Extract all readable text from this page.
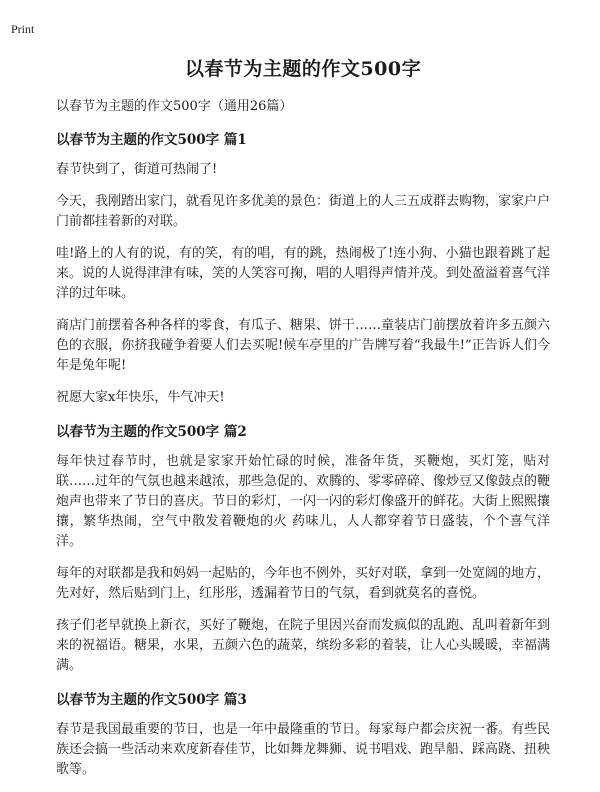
Print
以春节为主题的作文500字
以春节为主题的作文500字（通用26篇）
以春节为主题的作文500字 篇1

春节快到了，街道可热闹了!

今天，我刚踏出家门，就看见许多优美的景色：街道上的人三五成群去购物，家家户户门前都挂着新的对联。

哇!路上的人有的说，有的笑，有的唱，有的跳，热闹极了!连小狗、小猫也跟着跳了起来。说的人说得津津有味，笑的人笑容可掬，唱的人唱得声情并茂。到处盈溢着喜气洋洋的过年味。

商店门前摆着各种各样的零食，有瓜子、糖果、饼干……童装店门前摆放着许多五颜六色的衣服，你挤我碰争着要人们去买呢!候车亭里的广告牌写着“我最牛!”正告诉人们今年是兔年呢!

祝愿大家x年快乐，牛气冲天!

以春节为主题的作文500字 篇2

每年快过春节时，也就是家家开始忙碌的时候，准备年货，买鞭炮，买灯笼，贴对联……过年的气氛也越来越浓，那些急促的、欢腾的、零零碎碎、像炒豆又像鼓点的鞭炮声也带来了节日的喜庆。节日的彩灯，一闪一闪的彩灯像盛开的鲜花。大街上熙熙攘攘，繁华热闹，空气中散发着鞭炮的火 药味儿，人人都穿着节日盛装，个个喜气洋洋。

每年的对联都是我和妈妈一起贴的，今年也不例外，买好对联，拿到一处宽阔的地方，先对好，然后贴到门上，红彤彤，透漏着节日的气氛，看到就莫名的喜悦。

孩子们老早就换上新衣，买好了鞭炮，在院子里因兴奋而发疯似的乱跑、乱叫着新年到来的祝福语。糖果，水果，五颜六色的蔬菜，缤纷多彩的着装，让人心头暖暖，幸福满满。

以春节为主题的作文500字 篇3

春节是我国最重要的节日，也是一年中最隆重的节日。每家每户都会庆祝一番。有些民族还会搞一些活动来欢度新春佳节，比如舞龙舞狮、说书唱戏、跑旱船、踩高跷、扭秧歌等。
